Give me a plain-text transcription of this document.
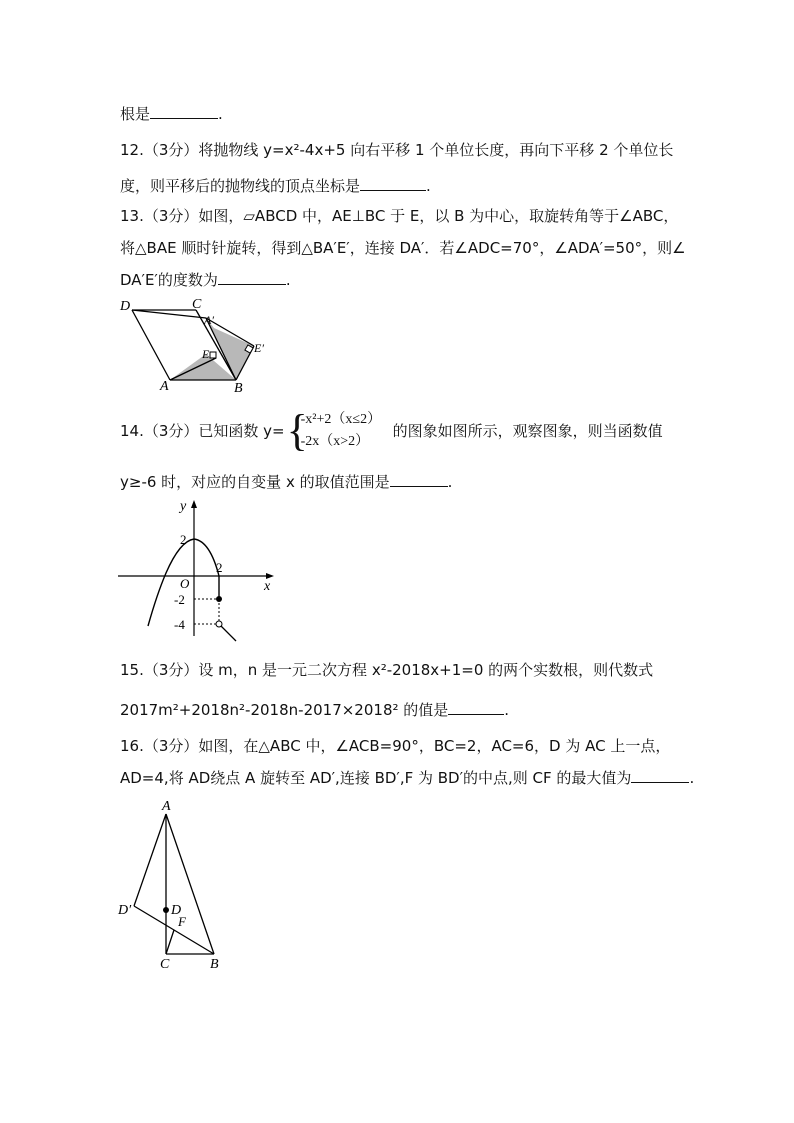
根是	.
12.（3分）将抛物线 y=x²-4x+5 向右平移 1 个单位长度，再向下平移 2 个单位长
度，则平移后的抛物线的顶点坐标是	.
13.（3分）如图，▱ABCD 中，AE⊥BC 于 E，以 B 为中心，取旋转角等于∠ABC，
将△BAE 顺时针旋转，得到△BA′E′，连接 DA′．若∠ADC=70°，∠ADA′=50°，则∠
DA′E′的度数为	.
D	C
A′
E	E′
A	B
14.（3分）已知函数 y= {
-x²+2（x≤2）
-2x（x>2）
的图象如图所示，观察图象，则当函数值
y≥-6 时，对应的自变量 x 的取值范围是	.
y
x
O
2
2
-2
-4
15.（3分）设 m，n 是一元二次方程 x²-2018x+1=0 的两个实数根，则代数式
2017m²+2018n²-2018n-2017×2018² 的值是	.
16.（3分）如图，在△ABC 中，∠ACB=90°，BC=2，AC=6，D 为 AC 上一点，
AD=4,将 AD绕点 A 旋转至 AD′,连接 BD′,F 为 BD′的中点,则 CF 的最大值为	.
A
D′	D
F
C	B
